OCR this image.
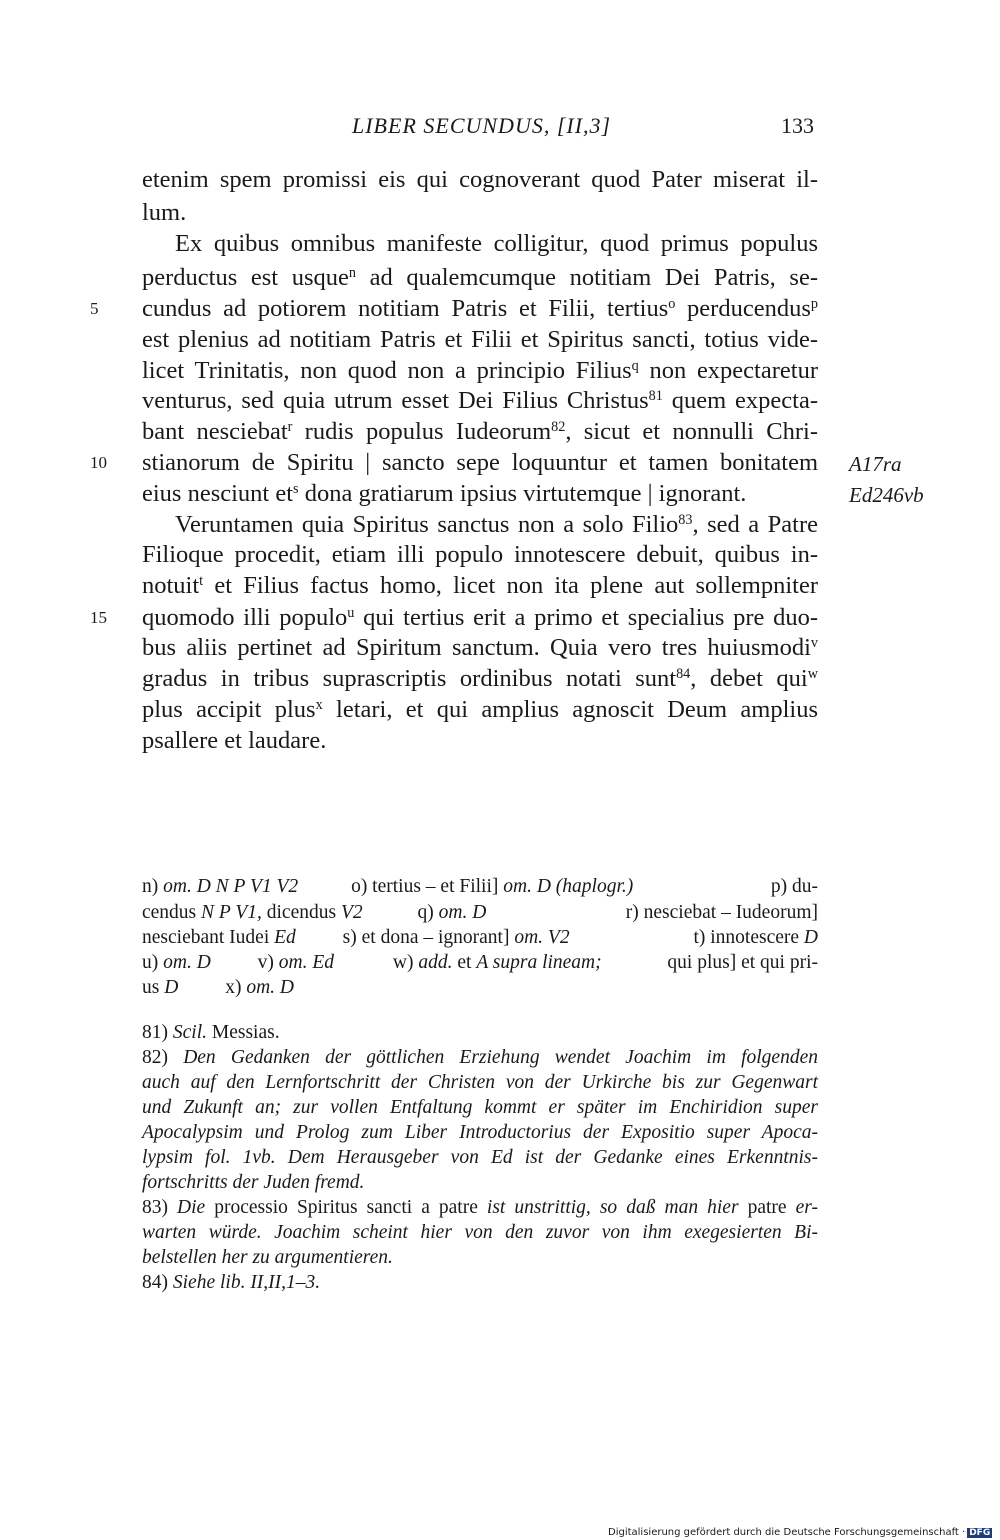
LIBER SECUNDUS, [II,3]	133
etenim spem promissi eis qui cognoverant quod Pater miserat il-
lum.
Ex quibus omnibus manifeste colligitur, quod primus populus
perductus est usque$^n$ ad qualemcumque notitiam Dei Patris, se-
cundus ad potiorem notitiam Patris et Filii, tertius$^o$ perducendus$^p$
est plenius ad notitiam Patris et Filii et Spiritus sancti, totius vide-
licet Trinitatis, non quod non a principio Filius$^q$ non expectaretur
venturus, sed quia utrum esset Dei Filius Christus$^{81}$ quem expecta-
bant nesciebat$^r$ rudis populus Iudeorum$^{82}$, sicut et nonnulli Chri-
stianorum de Spiritu | sancto sepe loquuntur et tamen bonitatem
eius nesciunt $et^s$ dona gratiarum ipsius virtutemque | ignorant.
Veruntamen quia Spiritus sanctus non a solo Filio$^{83}$, sed a Patre
Filioque procedit, etiam illi populo innotescere debuit, quibus in-
notuit$^t$ et Filius factus homo, licet non ita plene aut sollempniter
quomodo illi populo$^u$ qui tertius erit a primo et specialius pre duo-
bus aliis pertinet ad Spiritum sanctum. Quia vero tres huiusmodi$^v$
gradus in tribus suprascriptis ordinibus notati sunt$^{84}$, debet qui$^w$
plus accipit plus$^x$ letari, et qui amplius agnoscit Deum amplius
psallere et laudare.
5
10
15
A17ra
Ed246vb
n) om. D N P V1 V2	o) tertius – et Filii] om. D (haplogr.)	p) du-
cendus N P V1, dicendus V2	q) om. D	r) nesciebat – Iudeorum]
nesciebant Iudei Ed s) et dona – ignorant] om. V2	t) innotescere D
u) om. D v) om. Ed	w) add. et A supra lineam;	qui plus] et qui pri-
us D x) om. D
81) Scil. Messias.
82) Den Gedanken der göttlichen Erziehung wendet Joachim im folgenden
auch auf den Lernfortschritt der Christen von der Urkirche bis zur Gegenwart
und Zukunft an; zur vollen Entfaltung kommt er später im Enchiridion super
Apocalypsim und Prolog zum Liber Introductorius der Expositio super Apoca-
lypsim fol. 1vb. Dem Herausgeber von Ed ist der Gedanke eines Erkenntnis-
fortschritts der Juden fremd.
83) Die processio Spiritus sancti a patre ist unstrittig, so daß man hier patre er-
warten würde. Joachim scheint hier von den zuvor von ihm exegesierten Bi-
belstellen her zu argumentieren.
84) Siehe lib. II,II,1–3.
Digitalisierung gefördert durch die Deutsche Forschungsgemeinschaft · DFG
